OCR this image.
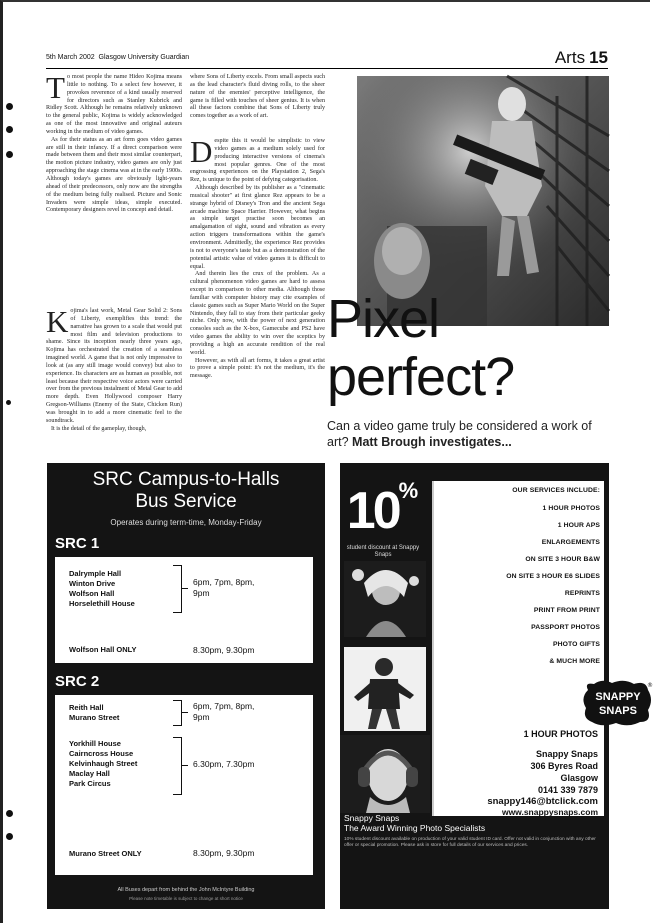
5th March 2002 Glasgow University Guardian	Arts 15
T o most people the name Hideo Kojima means little to nothing. To a select few however, it provokes reverence of a kind usually reserved for directors such as Stanley Kubrick and Ridley Scott. Although he remains relatively unknown to the general public, Kojima is widely acknowledged as one of the most innovative and original auteurs working in the medium of video games.

As for their status as an art form goes video games are still in their infancy. If a direct comparison were made between them and their most similar counterpart, the motion picture industry, video games are only just approaching the stage cinema was at in the early 1900s. Although today's games are obviously light-years ahead of their predecessors, only now are the strengths of the medium being fully realised. Picture and Sonic Invaders were simple ideas, simple executed. Contemporary designers revel in concept and detail.

K ojima's last work, Metal Gear Solid 2: Sons of Liberty, exemplifies this trend: the narrative has grown to a scale that would put most film and television productions to shame. Since its inception nearly three years ago, Kojima has orchestrated the creation of a seamless imagined world. A game that is not only impressive to look at (as any still image would convey) but also to experience. Its characters are as human as possible, not least because their respective voice actors were carried over from the previous instalment of Metal Gear to add more depth. Even Hollywood composer Harry Gregson-Williams (Enemy of the State, Chicken Run) was brought in to add a more cinematic feel to the soundtrack.

It is the detail of the gameplay, though,

where Sons of Liberty excels. From small aspects such as the lead character's fluid diving rolls, to the sheer nature of the enemies' perceptive intelligence, the game is filled with touches of sheer genius. It is when all these factors combine that Sons of Liberty truly comes together as a work of art.

D espite this it would be simplistic to view video games as a medium solely used for producing interactive versions of cinema's most popular genres. One of the most engrossing experiences on the Playstation 2, Sega's Rez, is unique to the point of defying categorisation.

Although described by its publisher as a "cinematic musical shooter" at first glance Rez appears to be a strange hybrid of Disney's Tron and the ancient Sega arcade machine Space Harrier. However, what begins as simple target practise soon becomes an amalgamation of sight, sound and vibration as every action triggers transformations within the game's environment. Admittedly, the experience Rez provides is not to everyone's taste but as a demonstration of the potential artistic value of video games it is difficult to equal.

And therein lies the crux of the problem. As a cultural phenomenon video games are hard to assess except in comparison to other media. Although those familiar with computer history may cite examples of classic games such as Super Mario World on the Super Nintendo, they fall to stay from their particular geeky niche. Only now, with the power of next generation consoles such as the X-box, Gamecube and PS2 have video games the ability to win over the sceptics by providing a high an accurate rendition of the real world.

However, as with all art forms, it takes a great artist to prove a simple point: it's not the medium, it's the message.

Pixel
perfect?
Can a video game truly be considered a work of art? Matt Brough investigates...
SRC Campus-to-Halls
Bus Service
Operates during term-time, Monday-Friday
SRC 1
Dalrymple Hall
Winton Drive
Wolfson Hall
Horselethill House
6pm, 7pm, 8pm,
9pm
Wolfson Hall ONLY	8.30pm, 9.30pm
SRC 2
Reith Hall
Murano Street
6pm, 7pm, 8pm,
9pm
Yorkhill House
Cairncross House
Kelvinhaugh Street
Maclay Hall
Park Circus
6.30pm, 7.30pm
Murano Street ONLY	8.30pm, 9.30pm
All Buses depart from behind the John McIntyre Building
Please note timetable is subject to change at short notice
10%
student discount at Snappy Snaps
OUR SERVICES INCLUDE:
1 HOUR PHOTOS
1 HOUR APS
ENLARGEMENTS
ON SITE 3 HOUR B&W
ON SITE 3 HOUR E6 SLIDES
REPRINTS
PRINT FROM PRINT
PASSPORT PHOTOS
PHOTO GIFTS
& MUCH MORE
SNAPPY
SNAPS
®
1 HOUR PHOTOS
Snappy Snaps
306 Byres Road
Glasgow
0141 339 7879
snappy146@btclick.com
www.snappysnaps.com
Snappy Snaps
The Award Winning Photo Specialists
10% student discount available on production of your valid student ID card. Offer not valid in conjunction with any other offer or special promotion. Please ask in store for full details of our services and prices.
